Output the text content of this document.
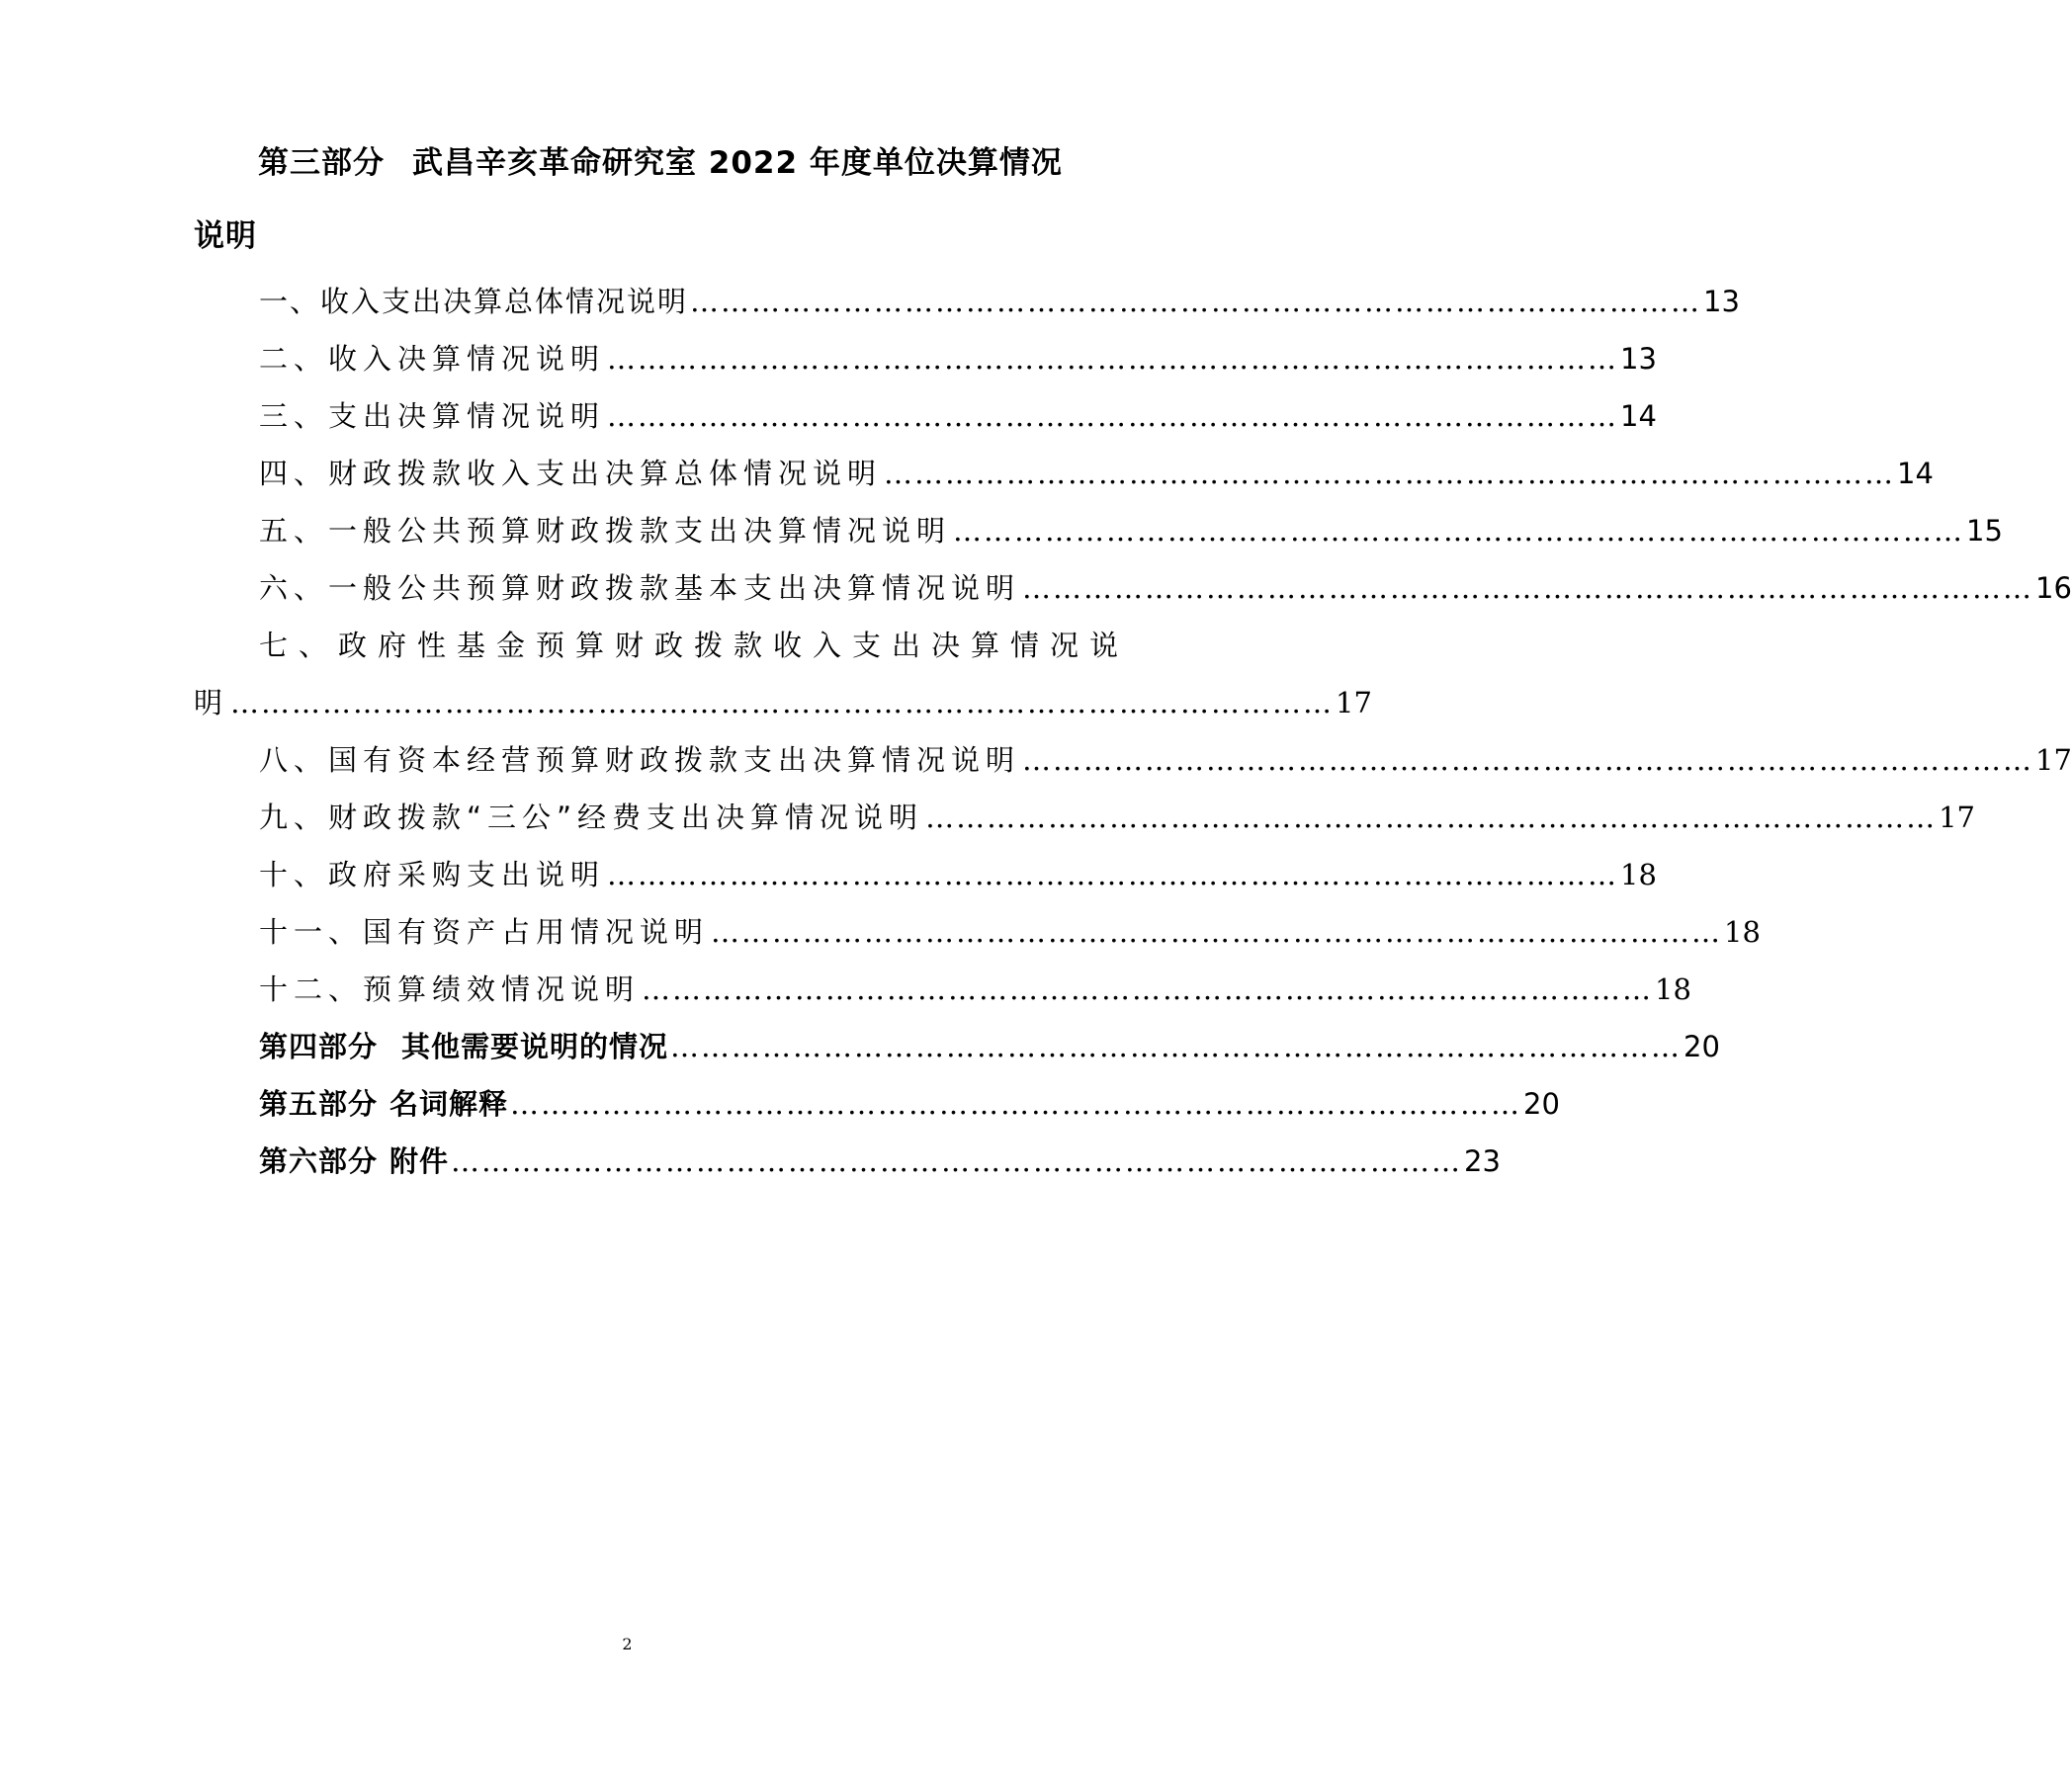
第三部分 武昌辛亥革命研究室 2022 年度单位决算情况说明
一、收入支出决算总体情况说明 ……………………………………………………………………………………… 13
二、收入决算情况说明 ……………………………………………………………………………………… 13
三、支出决算情况说明 ……………………………………………………………………………………… 14
四、财政拨款收入支出决算总体情况说明 ……………………………………………………………………………………… 14
五、一般公共预算财政拨款支出决算情况说明 ……………………………………………………………………………………… 15
六、一般公共预算财政拨款基本支出决算情况说明 ……………………………………………………………………………………… 16
七、政府性基金预算财政拨款收入支出决算情况说
明 ……………………………………………………………………………………………… 17
八、国有资本经营预算财政拨款支出决算情况说明 ……………………………………………………………………………………… 17
九、财政拨款“三公”经费支出决算情况说明 ……………………………………………………………………………………… 17
十、政府采购支出说明 ……………………………………………………………………………………… 18
十一、国有资产占用情况说明 ……………………………………………………………………………………… 18
十二、预算绩效情况说明 ……………………………………………………………………………………… 18
第四部分 其他需要说明的情况 ……………………………………………………………………………………… 20
第五部分 名词解释 ……………………………………………………………………………………… 20
第六部分 附件 ……………………………………………………………………………………… 23
2
